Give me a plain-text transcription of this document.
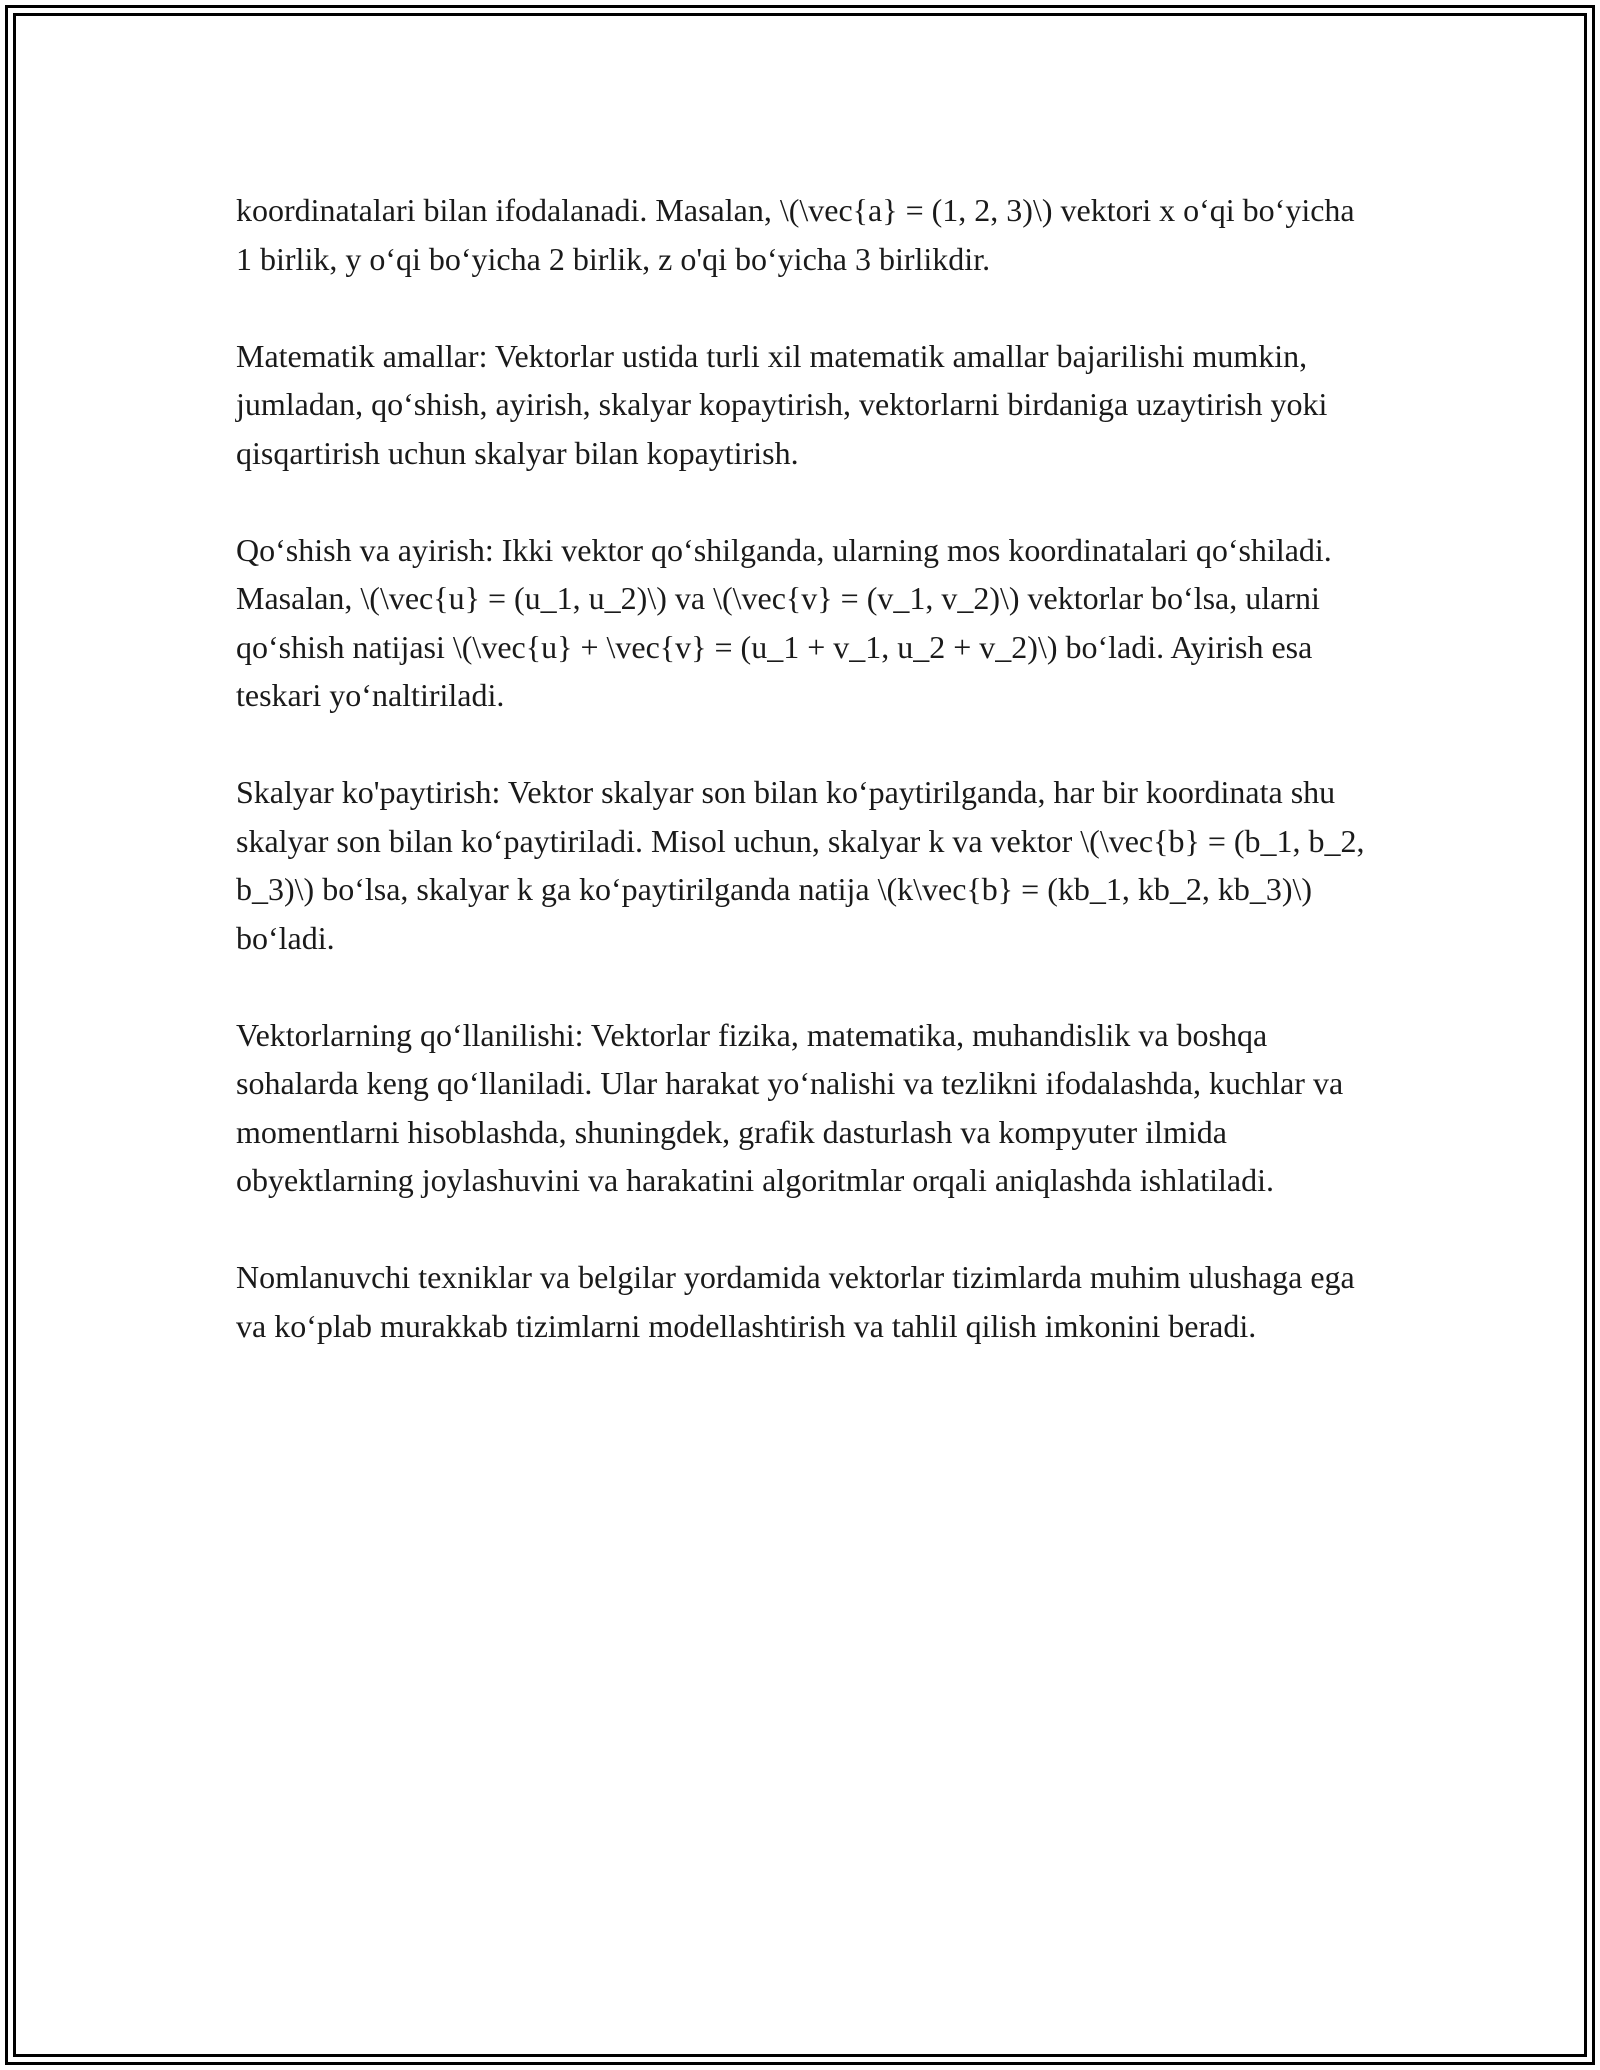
koordinatalari bilan ifodalanadi. Masalan, \(\vec{a} = (1, 2, 3)\) vektori x o‘qi bo‘yicha 1 birlik, y o‘qi bo‘yicha 2 birlik, z o'qi bo‘yicha 3 birlikdir.

Matematik amallar: Vektorlar ustida turli xil matematik amallar bajarilishi mumkin, jumladan, qo‘shish, ayirish, skalyar kopaytirish, vektorlarni birdaniga uzaytirish yoki qisqartirish uchun skalyar bilan kopaytirish.

Qo‘shish va ayirish: Ikki vektor qo‘shilganda, ularning mos koordinatalari qo‘shiladi. Masalan, \(\vec{u} = (u_1, u_2)\) va \(\vec{v} = (v_1, v_2)\) vektorlar bo‘lsa, ularni qo‘shish natijasi \(\vec{u} + \vec{v} = (u_1 + v_1, u_2 + v_2)\) bo‘ladi. Ayirish esa teskari yo‘naltiriladi.

Skalyar ko'paytirish: Vektor skalyar son bilan ko‘paytirilganda, har bir koordinata shu skalyar son bilan ko‘paytiriladi. Misol uchun, skalyar k va vektor \(\vec{b} = (b_1, b_2, b_3)\) bo‘lsa, skalyar k ga ko‘paytirilganda natija \(k\vec{b} = (kb_1, kb_2, kb_3)\) bo‘ladi.

Vektorlarning qo‘llanilishi: Vektorlar fizika, matematika, muhandislik va boshqa sohalarda keng qo‘llaniladi. Ular harakat yo‘nalishi va tezlikni ifodalashda, kuchlar va momentlarni hisoblashda, shuningdek, grafik dasturlash va kompyuter ilmida obyektlarning joylashuvini va harakatini algoritmlar orqali aniqlashda ishlatiladi.

Nomlanuvchi texniklar va belgilar yordamida vektorlar tizimlarda muhim ulushaga ega va ko‘plab murakkab tizimlarni modellashtirish va tahlil qilish imkonini beradi.
